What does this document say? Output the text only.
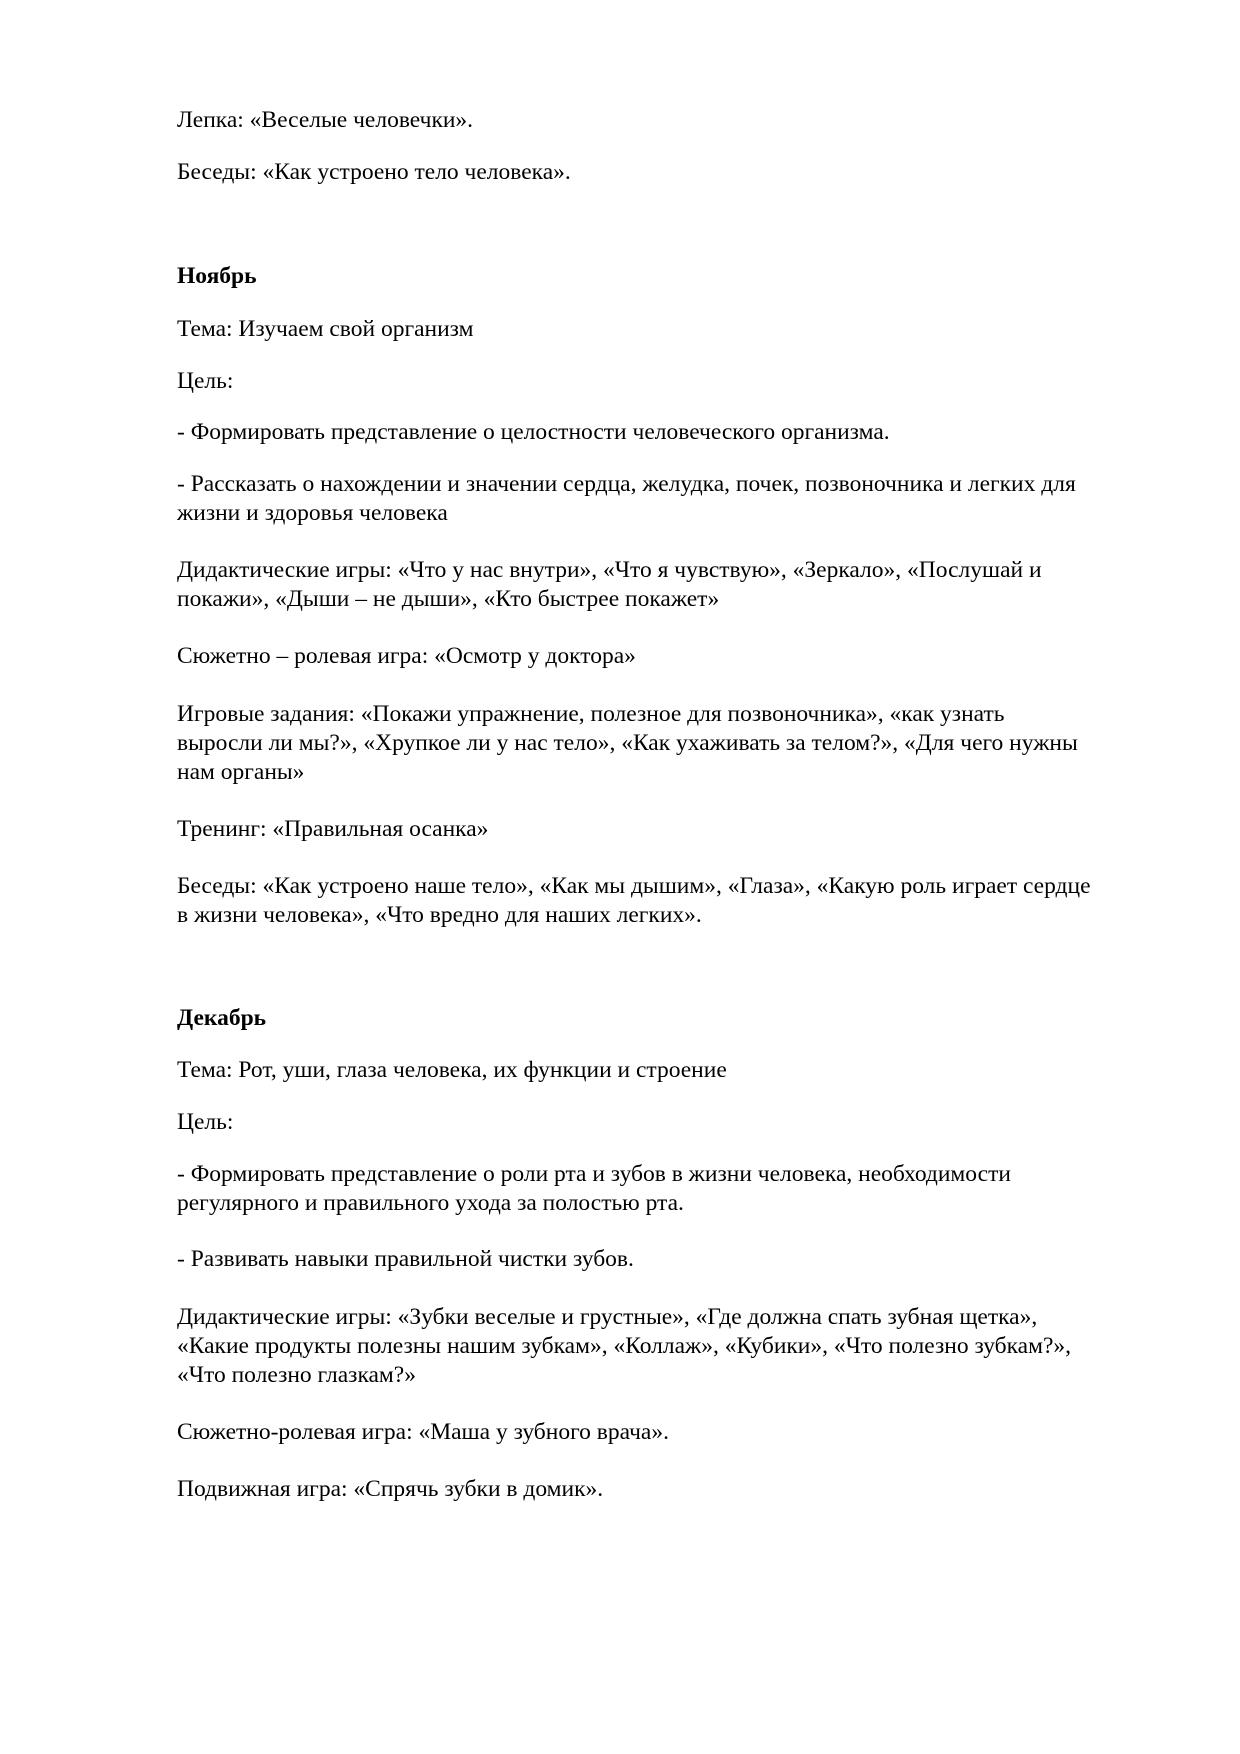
Лепка: «Веселые человечки».

Беседы: «Как устроено тело человека».

Ноябрь

Тема: Изучаем свой организм

Цель:

- Формировать представление о целостности человеческого организма.

- Рассказать о нахождении и значении сердца, желудка, почек, позвоночника и легких для

жизни и здоровья человека

Дидактические игры: «Что у нас внутри», «Что я чувствую», «Зеркало», «Послушай и

покажи», «Дыши – не дыши», «Кто быстрее покажет»

Сюжетно – ролевая игра: «Осмотр у доктора»

Игровые задания: «Покажи упражнение, полезное для позвоночника», «как узнать

выросли ли мы?», «Хрупкое ли у нас тело», «Как ухаживать за телом?», «Для чего нужны

нам органы»

Тренинг: «Правильная осанка»

Беседы: «Как устроено наше тело», «Как мы дышим», «Глаза», «Какую роль играет сердце

в жизни человека», «Что вредно для наших легких».

Декабрь

Тема: Рот, уши, глаза человека, их функции и строение

Цель:

- Формировать представление о роли рта и зубов в жизни человека, необходимости

регулярного и правильного ухода за полостью рта.

- Развивать навыки правильной чистки зубов.

Дидактические игры: «Зубки веселые и грустные», «Где должна спать зубная щетка»,

«Какие продукты полезны нашим зубкам», «Коллаж», «Кубики», «Что полезно зубкам?»,

«Что полезно глазкам?»

Сюжетно-ролевая игра: «Маша у зубного врача».

Подвижная игра: «Спрячь зубки в домик».
